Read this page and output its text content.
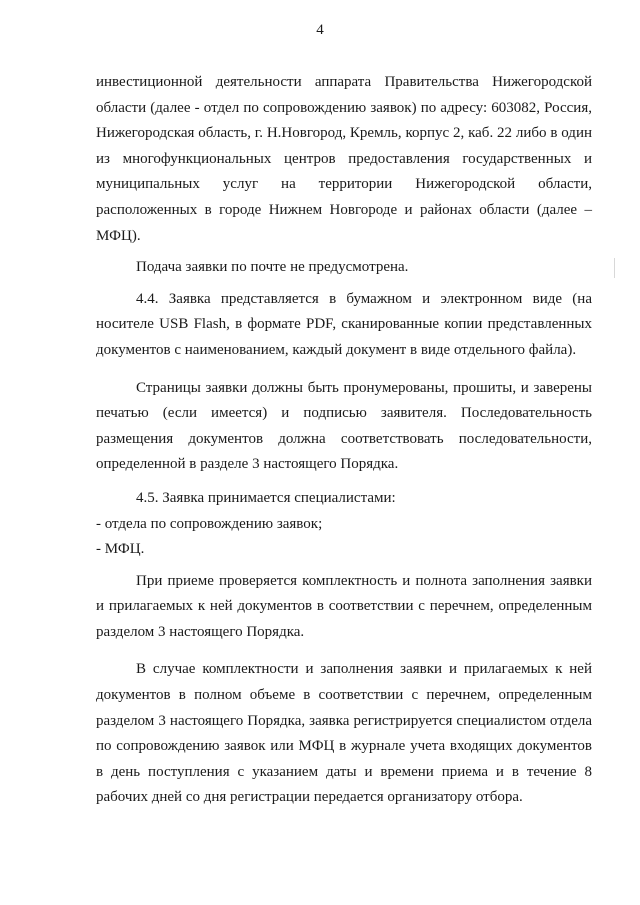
4

инвестиционной деятельности аппарата Правительства Нижегородской области (далее - отдел по сопровождению заявок) по адресу: 603082, Россия, Нижегородская область, г. Н.Новгород, Кремль, корпус 2, каб. 22 либо в один из многофункциональных центров предоставления государственных и муниципальных услуг на территории Нижегородской области, расположенных в городе Нижнем Новгороде и районах области (далее – МФЦ).

Подача заявки по почте не предусмотрена.

4.4. Заявка представляется в бумажном и электронном виде (на носителе USB Flash, в формате PDF, сканированные копии представленных документов с наименованием, каждый документ в виде отдельного файла).

Страницы заявки должны быть пронумерованы, прошиты, и заверены печатью (если имеется) и подписью заявителя. Последовательность размещения документов должна соответствовать последовательности, определенной в разделе 3 настоящего Порядка.

4.5. Заявка принимается специалистами:

- отдела по сопровождению заявок;

- МФЦ.

При приеме проверяется комплектность и полнота заполнения заявки и прилагаемых к ней документов в соответствии с перечнем, определенным разделом 3 настоящего Порядка.

В случае комплектности и заполнения заявки и прилагаемых к ней документов в полном объеме в соответствии с перечнем, определенным разделом 3 настоящего Порядка, заявка регистрируется специалистом отдела по сопровождению заявок или МФЦ в журнале учета входящих документов в день поступления с указанием даты и времени приема и в течение 8 рабочих дней со дня регистрации передается организатору отбора.
